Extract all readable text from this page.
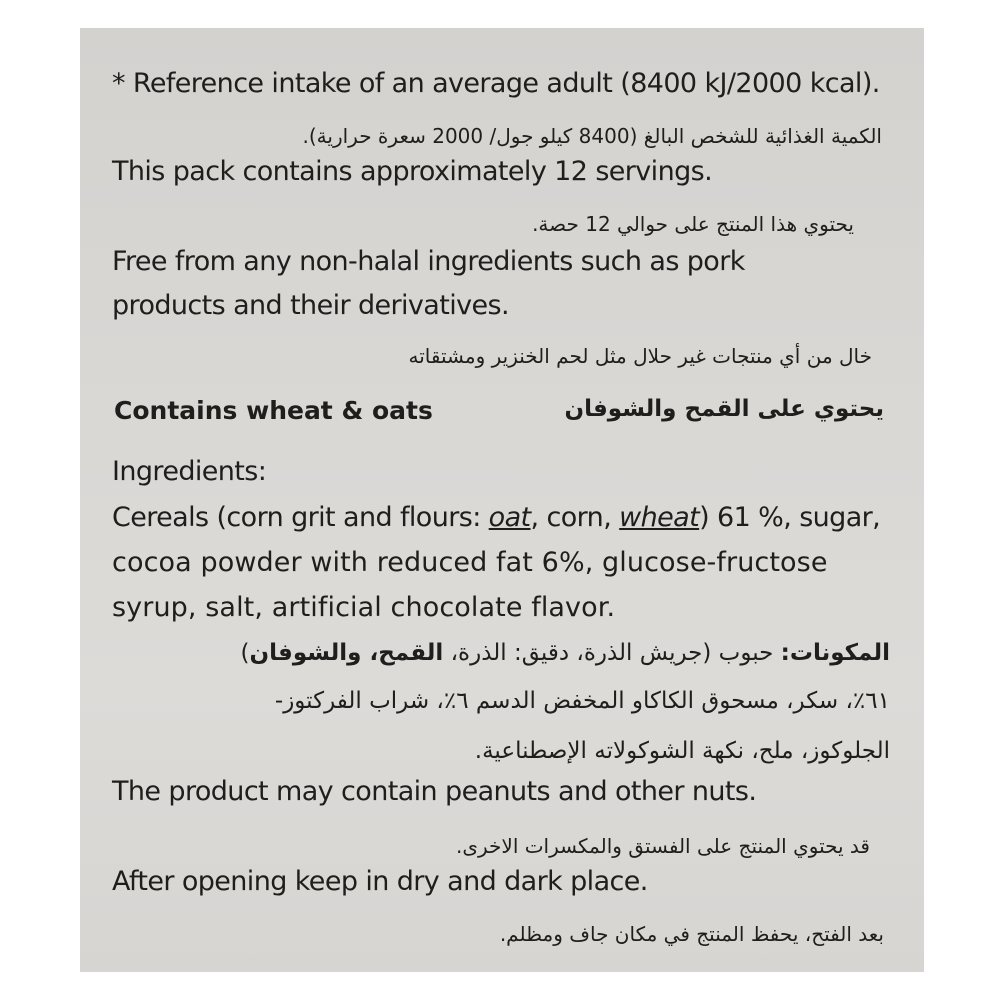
* Reference intake of an average adult (8400 kJ/2000 kcal).
الكمية الغذائية للشخص البالغ (8400 كيلو جول/ 2000 سعرة حرارية).
This pack contains approximately 12 servings.
يحتوي هذا المنتج على حوالي 12 حصة.
Free from any non-halal ingredients such as pork
products and their derivatives.
خال من أي منتجات غير حلال مثل لحم الخنزير ومشتقاته
Contains wheat & oats	يحتوي على القمح والشوفان
Ingredients:
Cereals (corn grit and flours: oat, corn, wheat) 61 %, sugar,
cocoa powder with reduced fat 6%, glucose-fructose
syrup, salt, artificial chocolate flavor.
المكونات: حبوب (جريش الذرة، دقيق: الذرة، القمح، والشوفان)
٦١٪، سكر، مسحوق الكاكاو المخفض الدسم ٦٪، شراب الفركتوز-
الجلوكوز، ملح، نكهة الشوكولاته الإصطناعية.
The product may contain peanuts and other nuts.
قد يحتوي المنتج على الفستق والمكسرات الاخرى.
After opening keep in dry and dark place.
بعد الفتح، يحفظ المنتج في مكان جاف ومظلم.
